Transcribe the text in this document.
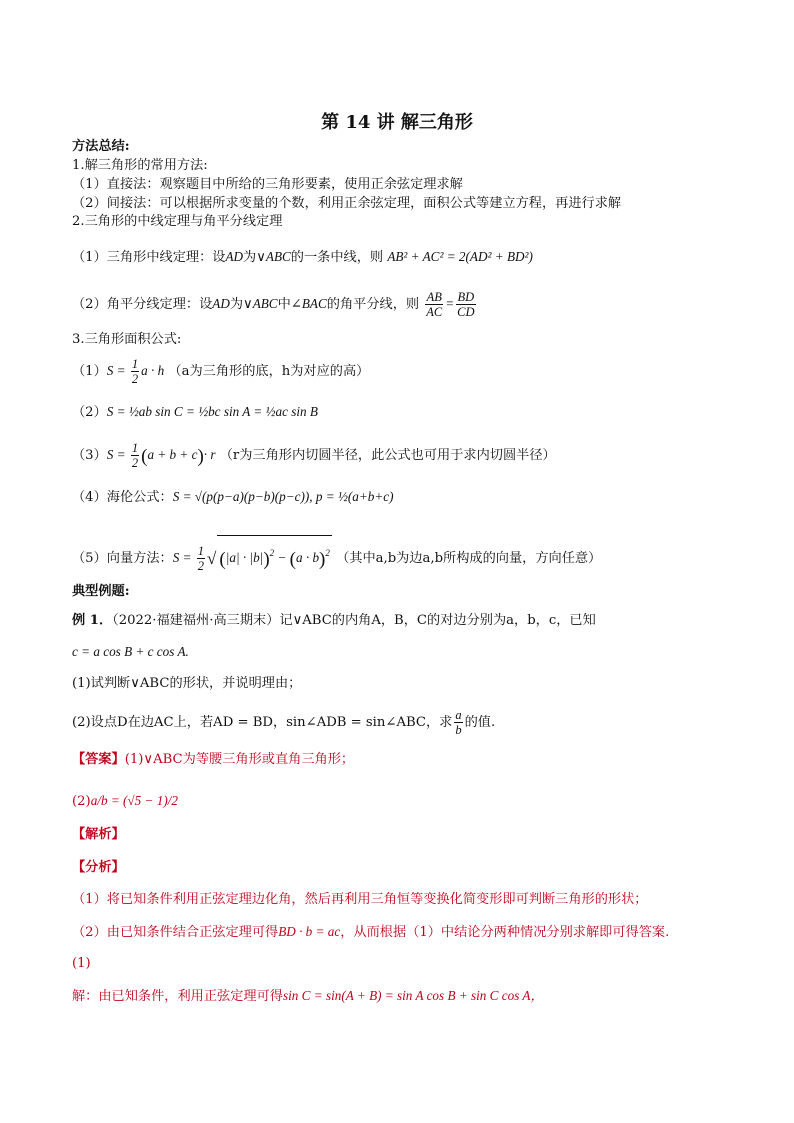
第 14 讲 解三角形
方法总结:
1.解三角形的常用方法:
（1）直接法：观察题目中所给的三角形要素，使用正余弦定理求解
（2）间接法：可以根据所求变量的个数，利用正余弦定理，面积公式等建立方程，再进行求解
2.三角形的中线定理与角平分线定理
（1）三角形中线定理：设AD为∨ABC的一条中线，则 AB² + AC² = 2(AD² + BD²)
（2）角平分线定理：设AD为∨ABC中∠BAC的角平分线，则 $\frac{AB}{AC} = \frac{BD}{CD}$
3.三角形面积公式:
$(1)S = \frac{1}{2}$ a · h （a为三角形的底，h为对应的高）
（2）S = ½ab sin C = ½bc sin A = ½ac sin B
$(3)S = \frac{1}{2} (a + b + c)\cdot r$ （r为三角形内切圆半径，此公式也可用于求内切圆半径）
（4）海伦公式：S = √(p(p−a)(p−b)(p−c)), p = ½(a+b+c)
（5）向量方法：$S = \frac{1}{2}$ √ $(|a| \cdot |b|)^2 - (a \cdot b)^2$ （其中a,b为边a,b所构成的向量，方向任意）
典型例题:
例 1．（2022·福建福州·高三期末）记∨ABC的内角A，B，C的对边分别为a，b，c，已知
c = a cos B + c cos A.
(1)试判断∨ABC的形状，并说明理由；
(2)设点D在边AC上，若AD = BD，sin∠ADB = sin∠ABC，求 $\frac{a}{b}$ 的值.
【答案】(1)∨ABC为等腰三角形或直角三角形；
(2)a/b = (√5 − 1)/2
【解析】
【分析】
（1）将已知条件利用正弦定理边化角，然后再利用三角恒等变换化简变形即可判断三角形的形状；
（2）由已知条件结合正弦定理可得BD · b = ac，从而根据（1）中结论分两种情况分别求解即可得答案.
(1)
解：由已知条件，利用正弦定理可得sin C = sin(A + B) = sin A cos B + sin C cos A，
